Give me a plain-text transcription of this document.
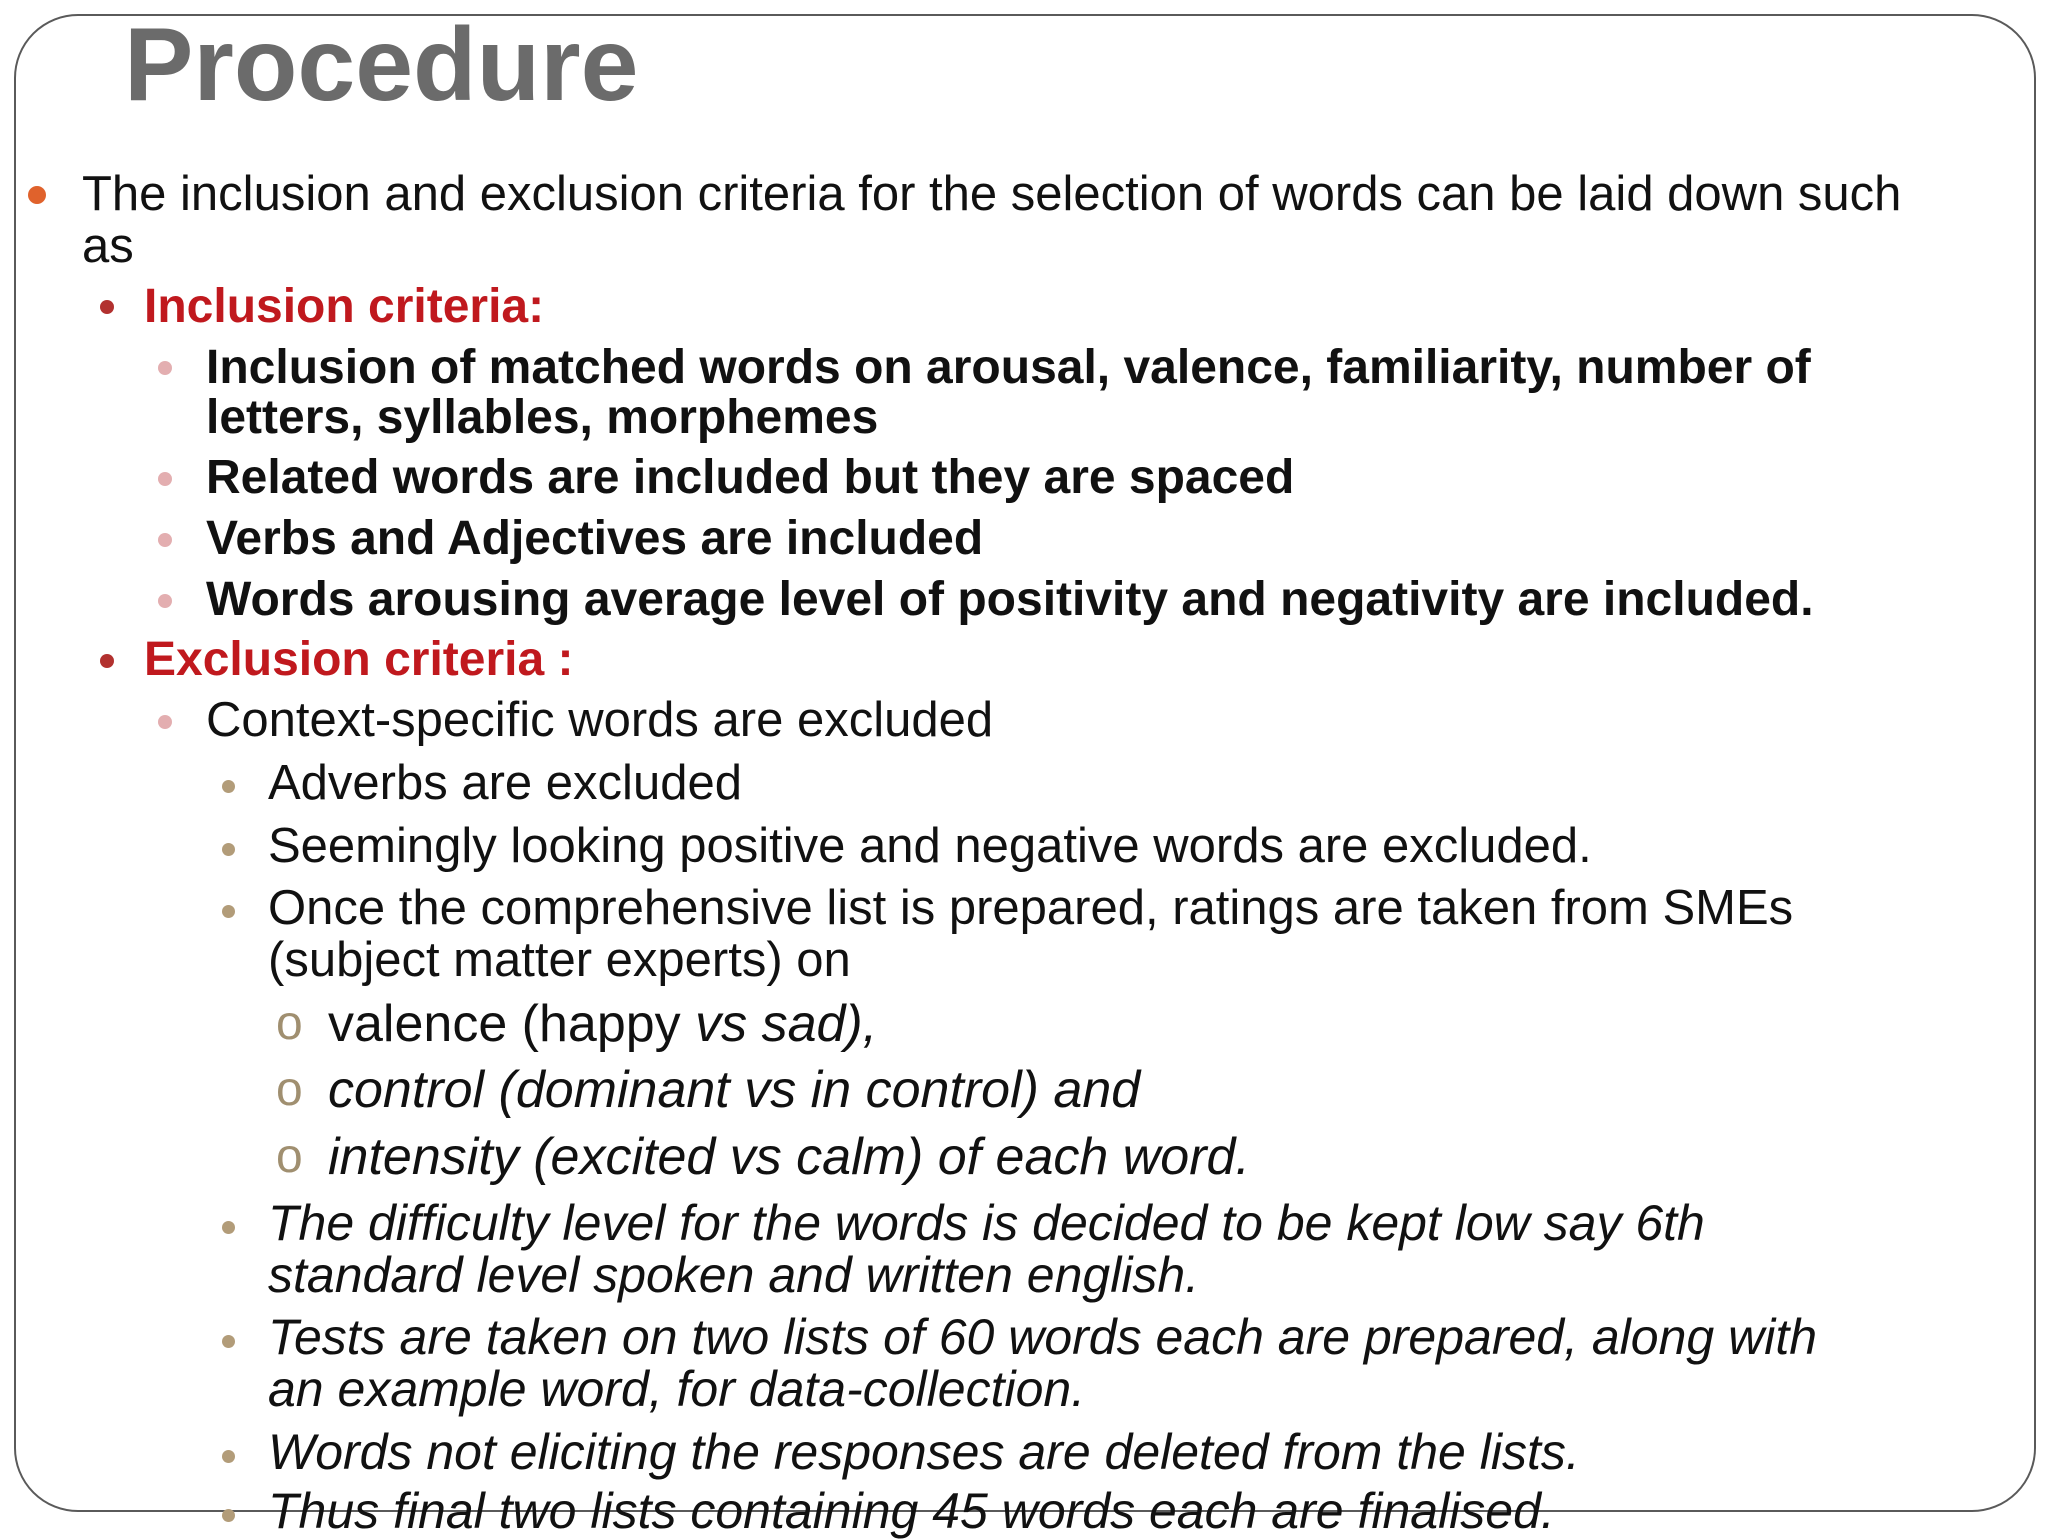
Procedure
The inclusion and exclusion criteria for the selection of words can be laid down such
as
Inclusion criteria:
Inclusion of matched words on arousal, valence, familiarity, number of
letters, syllables, morphemes
Related words are included but they are spaced
Verbs and Adjectives are included
Words arousing average level of positivity and negativity are included.
Exclusion criteria :
Context-specific words are excluded
Adverbs are excluded
Seemingly looking positive and negative words are excluded.
Once the comprehensive list is prepared, ratings are taken from SMEs
(subject matter experts) on
o valence (happy vs sad),
o control (dominant vs in control) and
o intensity (excited vs calm) of each word.
The difficulty level for the words is decided to be kept low say 6th
standard level spoken and written english.
Tests are taken on two lists of 60 words each are prepared, along with
an example word, for data-collection.
Words not eliciting the responses are deleted from the lists.
Thus final two lists containing 45 words each are finalised.
